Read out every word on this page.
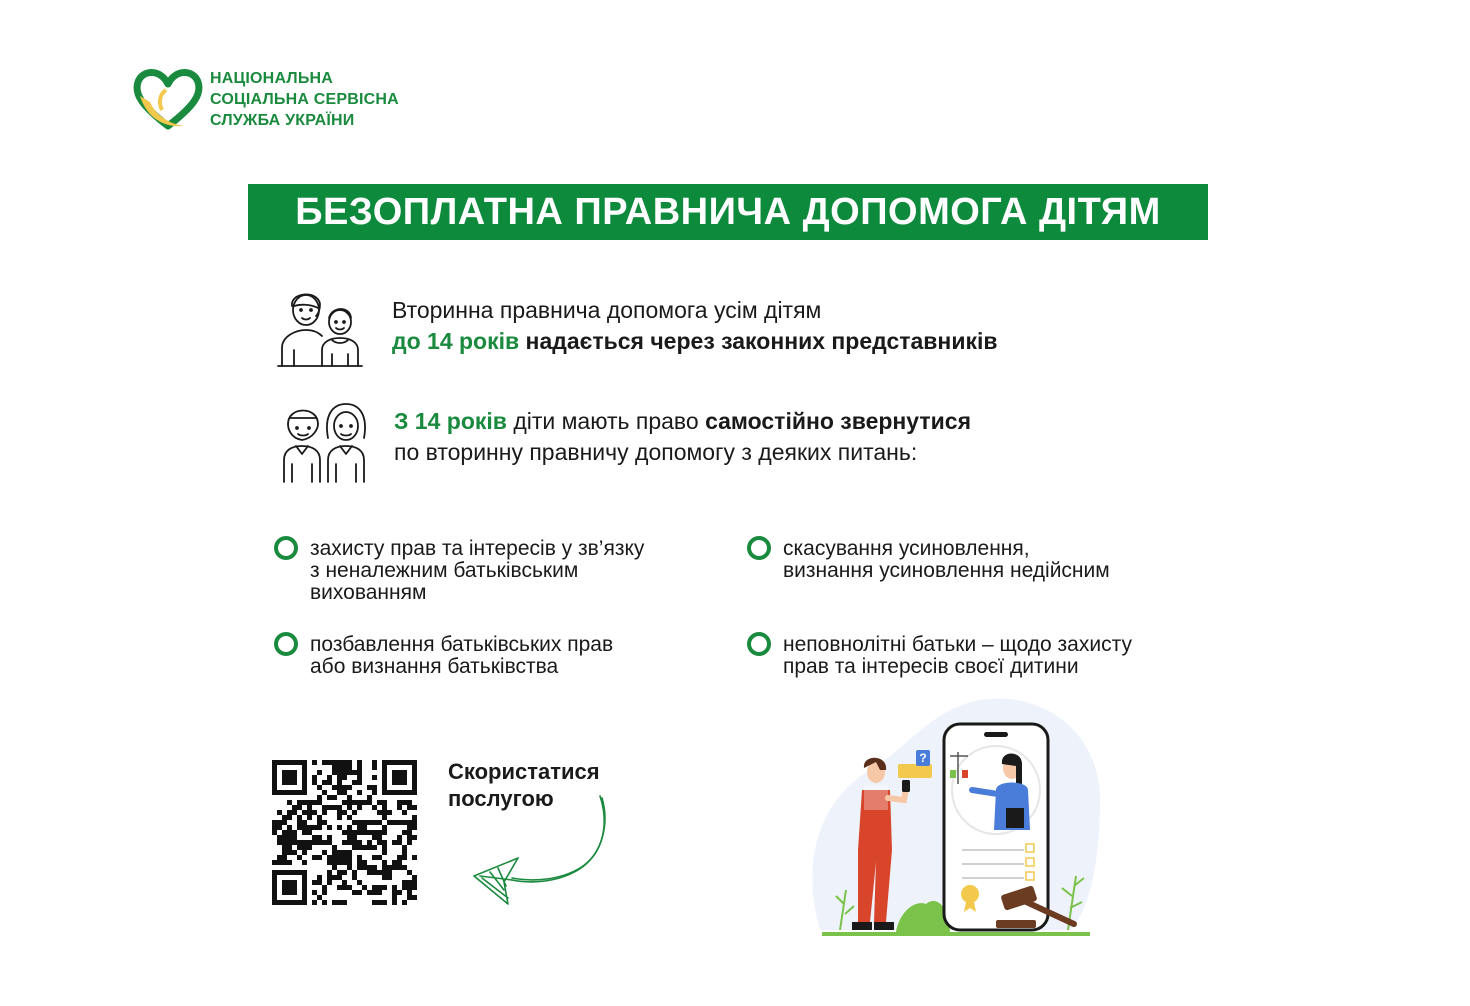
НАЦІОНАЛЬНА
СОЦІАЛЬНА СЕРВІСНА
СЛУЖБА УКРАЇНИ
БЕЗОПЛАТНА ПРАВНИЧА ДОПОМОГА ДІТЯМ
Вторинна правнича допомога усім дітям
до 14 років надається через законних представників
З 14 років діти мають право самостійно звернутися
по вторинну правничу допомогу з деяких питань:
захисту прав та інтересів у зв’язку
з неналежним батьківським
вихованням
скасування усиновлення,
визнання усиновлення недійсним
позбавлення батьківських прав
або визнання батьківства
неповнолітні батьки – щодо захисту
прав та інтересів своєї дитини
Скористатися
послугою
?
